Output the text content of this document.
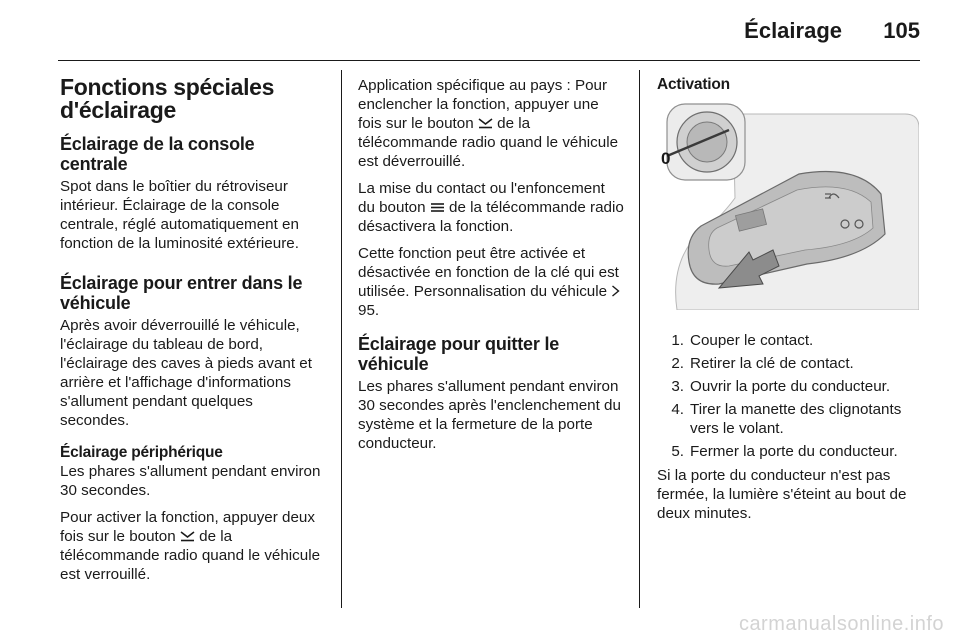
Éclairage 105
Fonctions spéciales d'éclairage
Éclairage de la console centrale

Spot dans le boîtier du rétroviseur intérieur. Éclairage de la console centrale, réglé automatiquement en fonction de la luminosité extérieure.

Éclairage pour entrer dans le véhicule

Après avoir déverrouillé le véhicule, l'éclairage du tableau de bord, l'éclairage des caves à pieds avant et arrière et l'affichage d'informations s'allument pendant quelques secondes.

Éclairage périphérique

Les phares s'allument pendant environ 30 secondes.

Pour activer la fonction, appuyer deux fois sur le bouton de la télécommande radio quand le véhicule est verrouillé.

Application spécifique au pays : Pour enclencher la fonction, appuyer une fois sur le bouton de la télécommande radio quand le véhicule est déverrouillé.

La mise du contact ou l'enfoncement du bouton de la télécommande radio désactivera la fonction.

Cette fonction peut être activée et désactivée en fonction de la clé qui est utilisée. Personnalisation du véhicule  95.

Éclairage pour quitter le véhicule

Les phares s'allument pendant environ 30 secondes après l'enclenchement du système et la fermeture de la porte conducteur.

Activation
0
1. Couper le contact.
2. Retirer la clé de contact.
3. Ouvrir la porte du conducteur.
4. Tirer la manette des clignotants vers le volant.
5. Fermer la porte du conducteur.

Si la porte du conducteur n'est pas fermée, la lumière s'éteint au bout de deux minutes.

carmanualsonline.info
